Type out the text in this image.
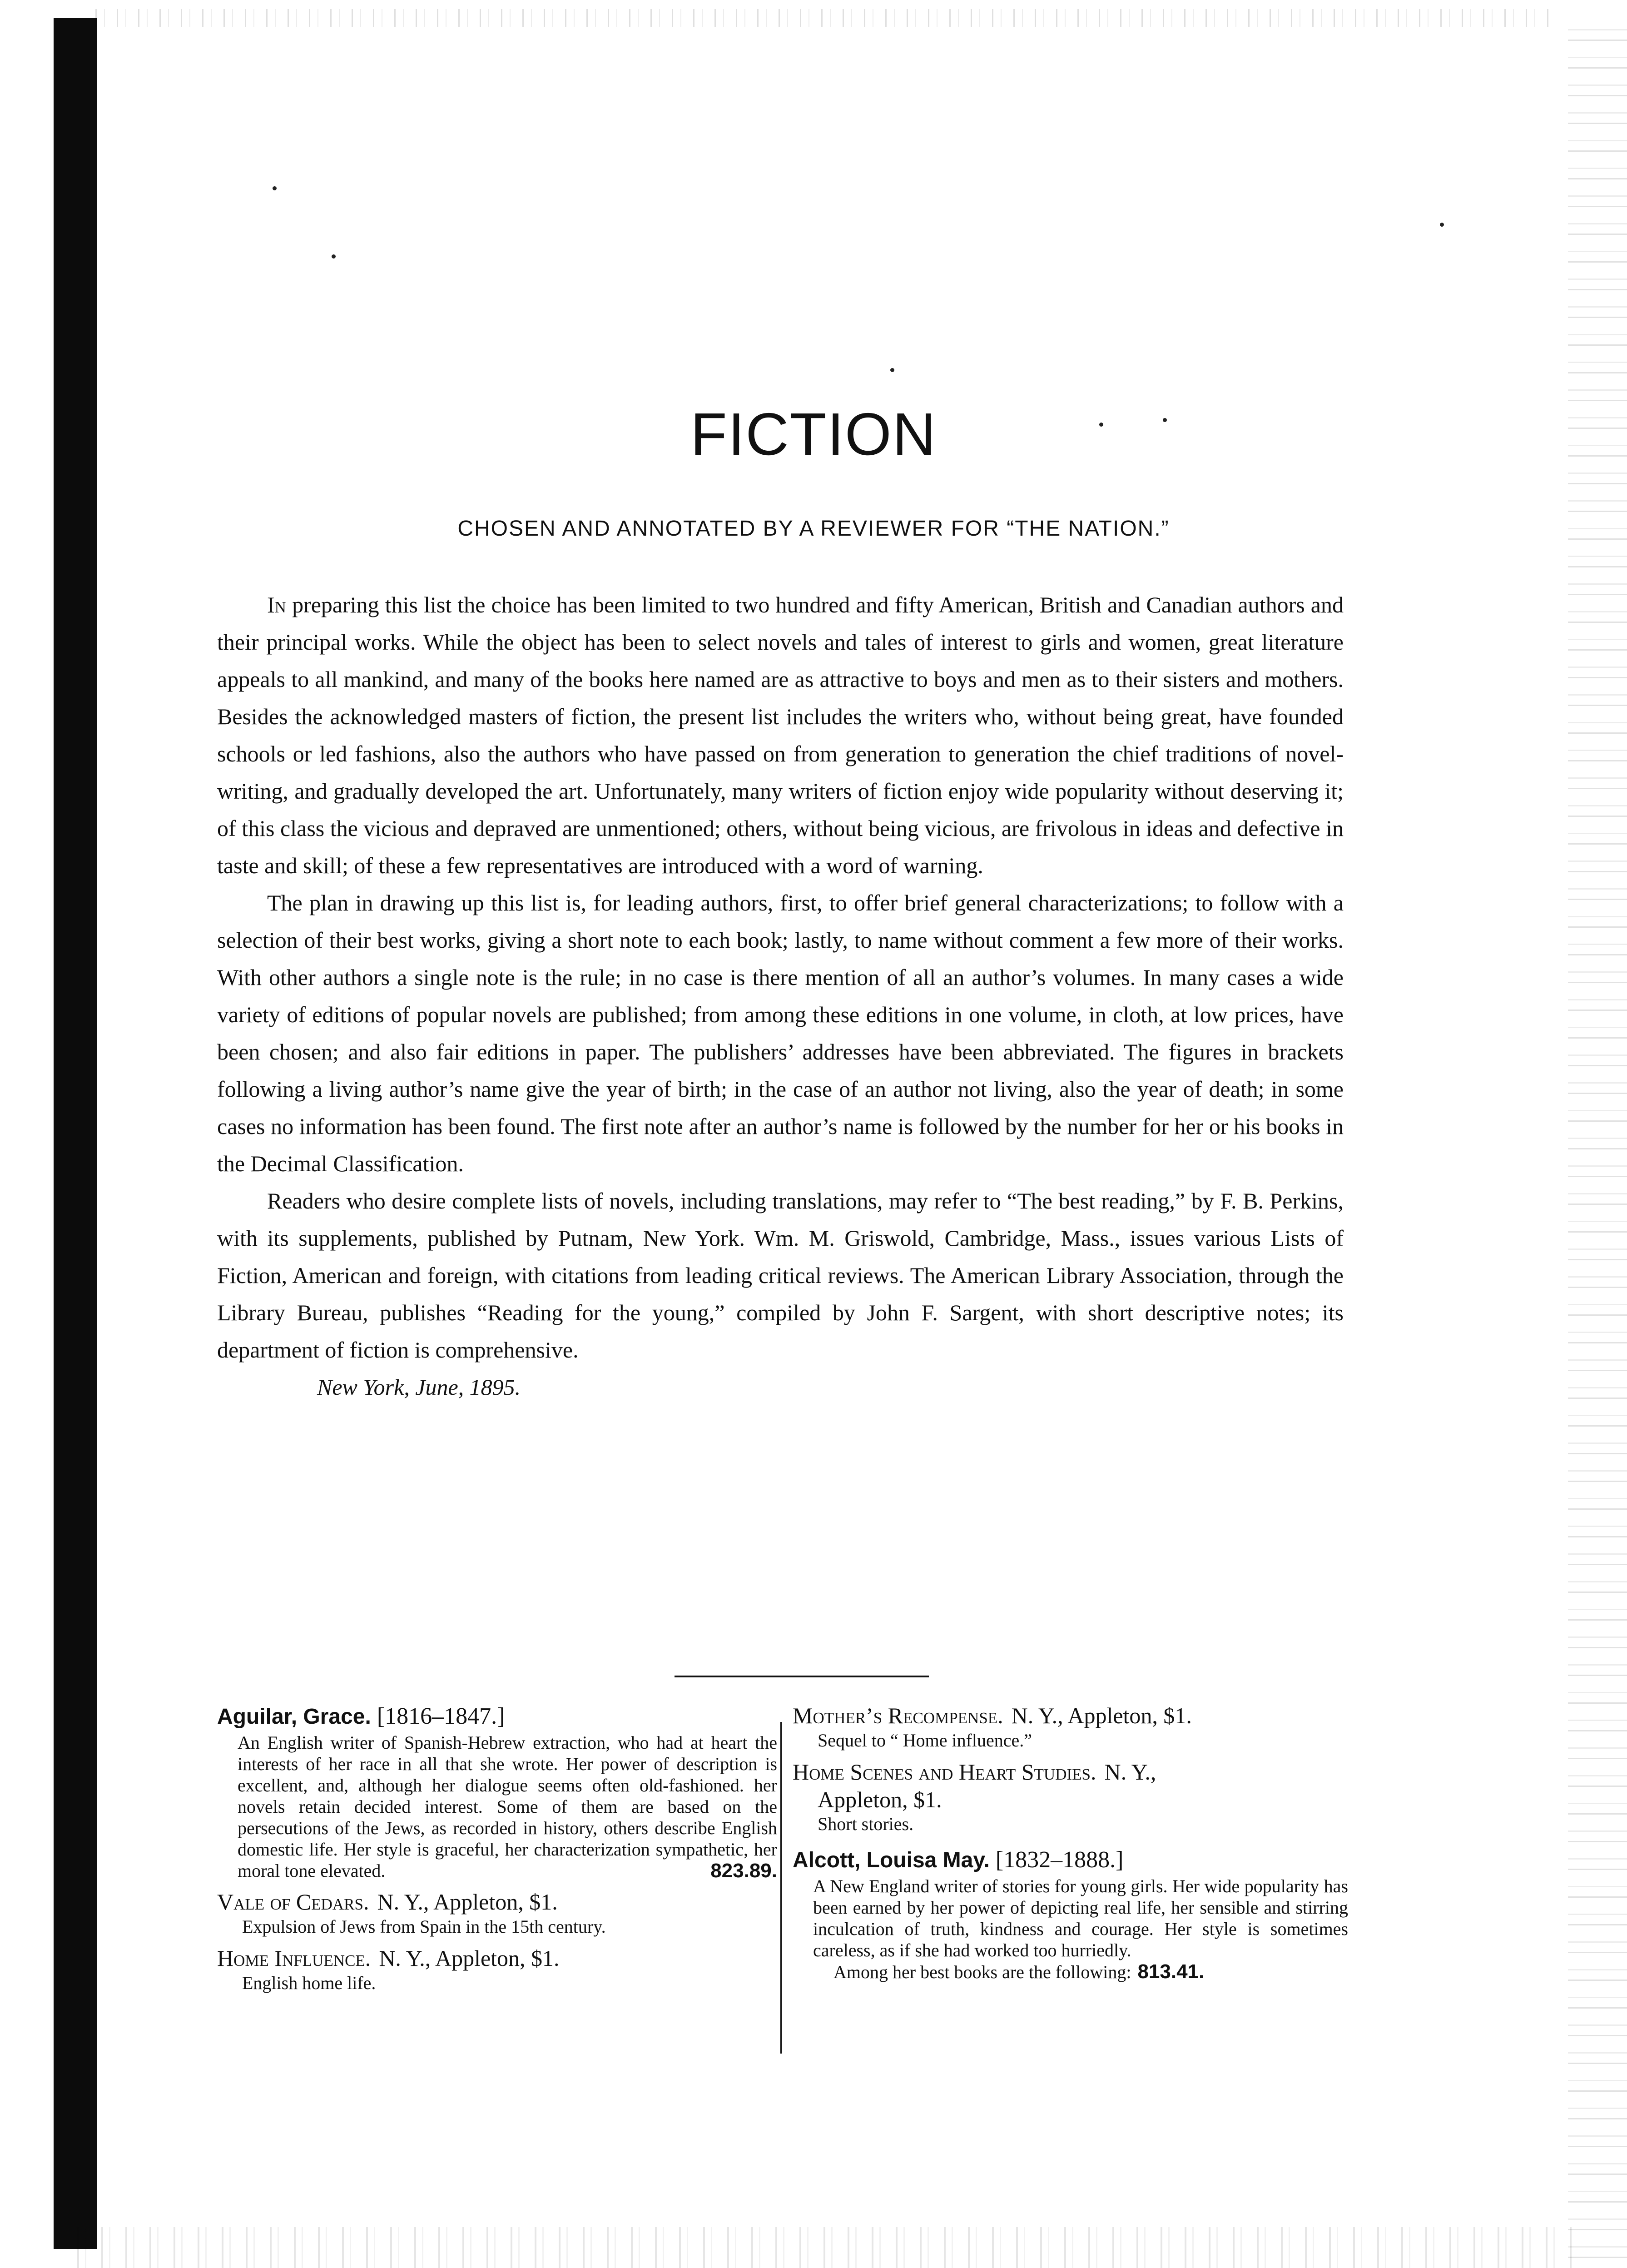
FICTION
CHOSEN AND ANNOTATED BY A REVIEWER FOR “THE NATION.”

In preparing this list the choice has been limited to two hundred and fifty American, British and Canadian authors and their principal works. While the object has been to select novels and tales of interest to girls and women, great literature appeals to all mankind, and many of the books here named are as attractive to boys and men as to their sisters and mothers. Besides the acknowledged masters of fiction, the present list includes the writers who, without being great, have founded schools or led fashions, also the authors who have passed on from generation to generation the chief traditions of novel-writing, and gradually developed the art. Unfortunately, many writers of fiction enjoy wide popularity without deserving it; of this class the vicious and depraved are unmentioned; others, without being vicious, are frivolous in ideas and defective in taste and skill; of these a few representatives are introduced with a word of warning.

The plan in drawing up this list is, for leading authors, first, to offer brief general characterizations; to follow with a selection of their best works, giving a short note to each book; lastly, to name without comment a few more of their works. With other authors a single note is the rule; in no case is there mention of all an author’s volumes. In many cases a wide variety of editions of popular novels are published; from among these editions in one volume, in cloth, at low prices, have been chosen; and also fair editions in paper. The publishers’ addresses have been abbreviated. The figures in brackets following a living author’s name give the year of birth; in the case of an author not living, also the year of death; in some cases no information has been found. The first note after an author’s name is followed by the number for her or his books in the Decimal Classification.

Readers who desire complete lists of novels, including translations, may refer to “The best reading,” by F. B. Perkins, with its supplements, published by Putnam, New York. Wm. M. Griswold, Cambridge, Mass., issues various Lists of Fiction, American and foreign, with citations from leading critical reviews. The American Library Association, through the Library Bureau, publishes “Reading for the young,” compiled by John F. Sargent, with short descriptive notes; its department of fiction is comprehensive.

New York, June, 1895.

Aguilar, Grace. [1816–1847.]
An English writer of Spanish-Hebrew extraction, who had at heart the interests of her race in all that she wrote. Her power of description is excellent, and, although her dialogue seems often old-fashioned. her novels retain decided interest. Some of them are based on the persecutions of the Jews, as recorded in history, others describe English domestic life. Her style is graceful, her characterization sympathetic, her moral tone elevated.	823.89.
Vale of Cedars. N. Y., Appleton, $1.
Expulsion of Jews from Spain in the 15th century.
Home Influence. N. Y., Appleton, $1.
English home life.
Mother’s Recompense. N. Y., Appleton, $1.
Sequel to “ Home influence.”
Home Scenes and Heart Studies. N. Y.,
Appleton, $1.
Short stories.
Alcott, Louisa May. [1832–1888.]
A New England writer of stories for young girls. Her wide popularity has been earned by her power of depicting real life, her sensible and stirring inculcation of truth, kindness and courage. Her style is sometimes careless, as if she had worked too hurriedly.
Among her best books are the following: 813.41.
